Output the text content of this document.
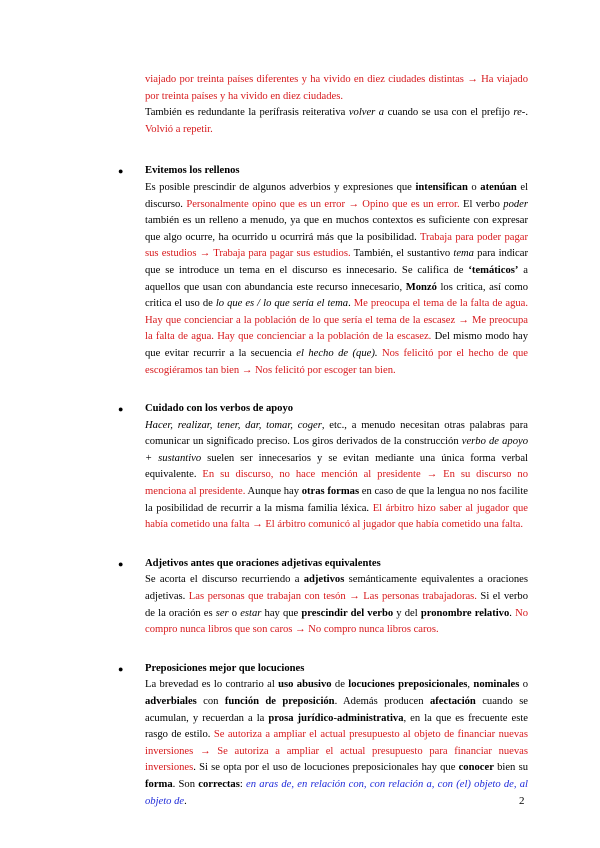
viajado por treinta países diferentes y ha vivido en diez ciudades distintas → Ha viajado por treinta países y ha vivido en diez ciudades.

También es redundante la perífrasis reiterativa volver a cuando se usa con el prefijo re-. Volvió a repetir.

● Evitemos los rellenos

Es posible prescindir de algunos adverbios y expresiones que intensifican o atenúan el discurso. Personalmente opino que es un error → Opino que es un error. El verbo poder también es un relleno a menudo, ya que en muchos contextos es suficiente con expresar que algo ocurre, ha ocurrido u ocurrirá más que la posibilidad. Trabaja para poder pagar sus estudios → Trabaja para pagar sus estudios. También, el sustantivo tema para indicar que se introduce un tema en el discurso es innecesario. Se califica de ‘temáticos’ a aquellos que usan con abundancia este recurso innecesario, Monzó los critica, así como critica el uso de lo que es / lo que sería el tema. Me preocupa el tema de la falta de agua. Hay que concienciar a la población de lo que sería el tema de la escasez → Me preocupa la falta de agua. Hay que concienciar a la población de la escasez. Del mismo modo hay que evitar recurrir a la secuencia el hecho de (que). Nos felicitó por el hecho de que escogiéramos tan bien → Nos felicitó por escoger tan bien.

● Cuidado con los verbos de apoyo

Hacer, realizar, tener, dar, tomar, coger, etc., a menudo necesitan otras palabras para comunicar un significado preciso. Los giros derivados de la construcción verbo de apoyo + sustantivo suelen ser innecesarios y se evitan mediante una única forma verbal equivalente. En su discurso, no hace mención al presidente → En su discurso no menciona al presidente. Aunque hay otras formas en caso de que la lengua no nos facilite la posibilidad de recurrir a la misma familia léxica. El árbitro hizo saber al jugador que había cometido una falta → El árbitro comunicó al jugador que había cometido una falta.

● Adjetivos antes que oraciones adjetivas equivalentes

Se acorta el discurso recurriendo a adjetivos semánticamente equivalentes a oraciones adjetivas. Las personas que trabajan con tesón → Las personas trabajadoras. Si el verbo de la oración es ser o estar hay que prescindir del verbo y del pronombre relativo. No compro nunca libros que son caros → No compro nunca libros caros.

● Preposiciones mejor que locuciones

La brevedad es lo contrario al uso abusivo de locuciones preposicionales, nominales o adverbiales con función de preposición. Además producen afectación cuando se acumulan, y recuerdan a la prosa jurídico-administrativa, en la que es frecuente este rasgo de estilo. Se autoriza a ampliar el actual presupuesto al objeto de financiar nuevas inversiones → Se autoriza a ampliar el actual presupuesto para financiar nuevas inversiones. Si se opta por el uso de locuciones preposicionales hay que conocer bien su forma. Son correctas: en aras de, en relación con, con relación a, con (el) objeto de, al objeto de.	2
